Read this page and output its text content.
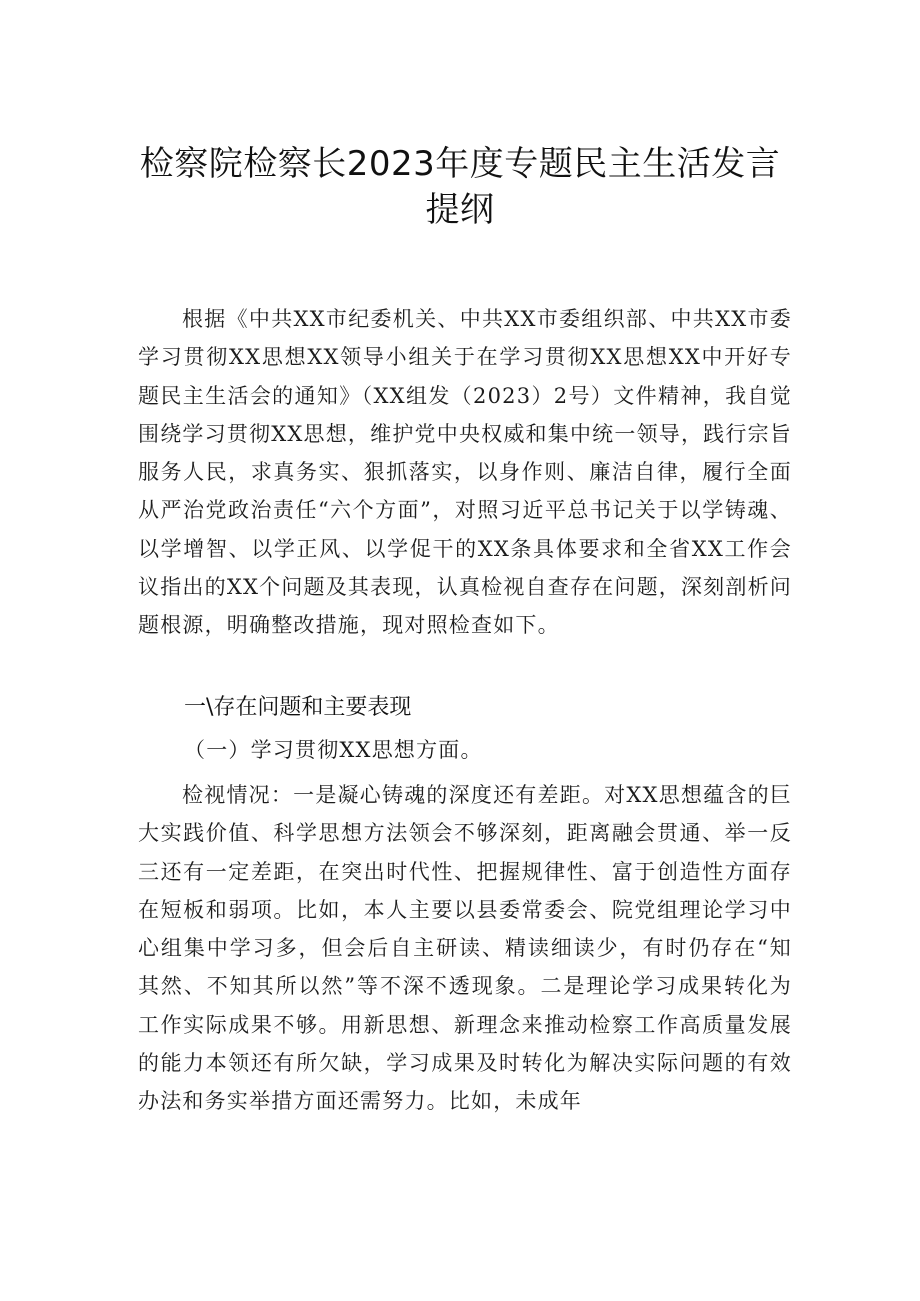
检察院检察长2023年度专题民主生活发言
提纲
根据《中共XX市纪委机关、中共XX市委组织部、中共XX市委学习贯彻XX思想XX领导小组关于在学习贯彻XX思想XX中开好专题民主生活会的通知》（XX组发（2023）2号）文件精神，我自觉围绕学习贯彻XX思想，维护党中央权威和集中统一领导，践行宗旨服务人民，求真务实、狠抓落实，以身作则、廉洁自律，履行全面从严治党政治责任“六个方面”，对照习近平总书记关于以学铸魂、以学增智、以学正风、以学促干的XX条具体要求和全省XX工作会议指出的XX个问题及其表现，认真检视自查存在问题，深刻剖析问题根源，明确整改措施，现对照检查如下。
一\存在问题和主要表现
（一）学习贯彻XX思想方面。
检视情况：一是凝心铸魂的深度还有差距。对XX思想蕴含的巨大实践价值、科学思想方法领会不够深刻，距离融会贯通、举一反三还有一定差距，在突出时代性、把握规律性、富于创造性方面存在短板和弱项。比如，本人主要以县委常委会、院党组理论学习中心组集中学习多，但会后自主研读、精读细读少，有时仍存在“知其然、不知其所以然”等不深不透现象。二是理论学习成果转化为工作实际成果不够。用新思想、新理念来推动检察工作高质量发展的能力本领还有所欠缺，学习成果及时转化为解决实际问题的有效办法和务实举措方面还需努力。比如，未成年
